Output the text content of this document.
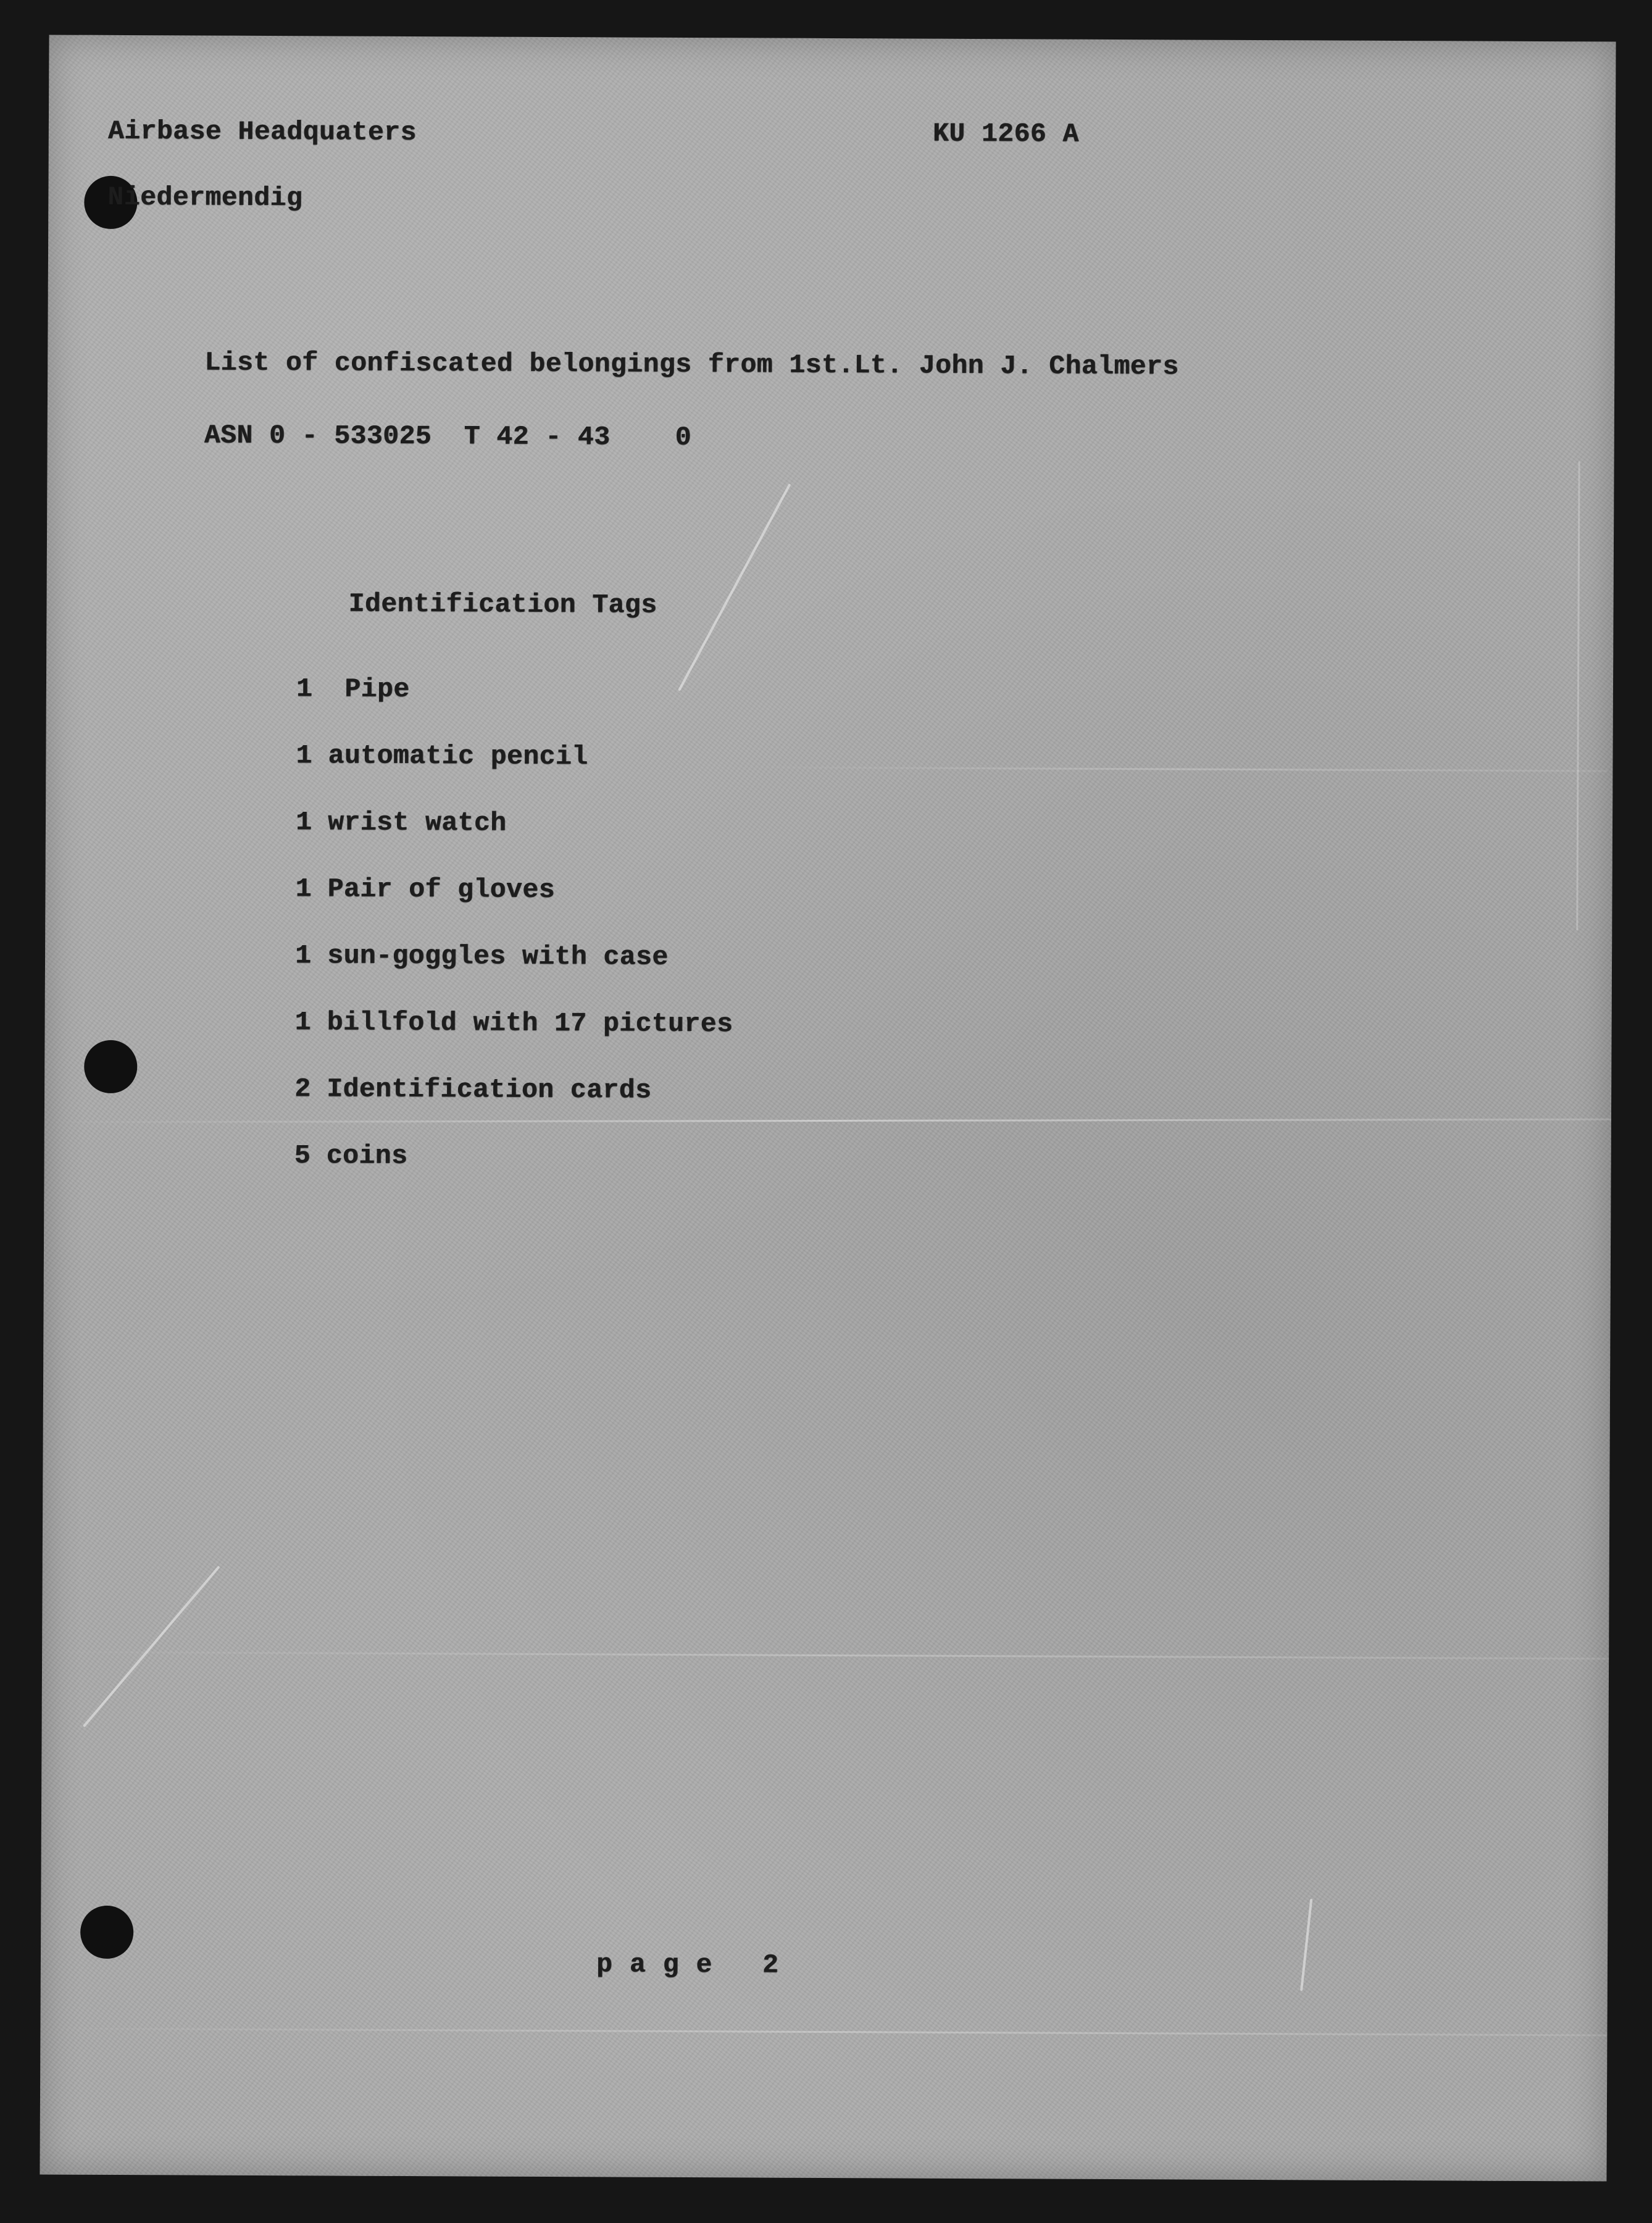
Airbase Headquaters

Niedermendig

KU 1266 A

List of confiscated belongings from 1st.Lt. John J. Chalmers

ASN 0 - 533025  T 42 - 43    0

Identification Tags

1 Pipe
1 automatic pencil
1 wrist watch
1 Pair of gloves
1 sun-goggles with case
1 billfold with 17 pictures
2 Identification cards
5 coins

page 2
